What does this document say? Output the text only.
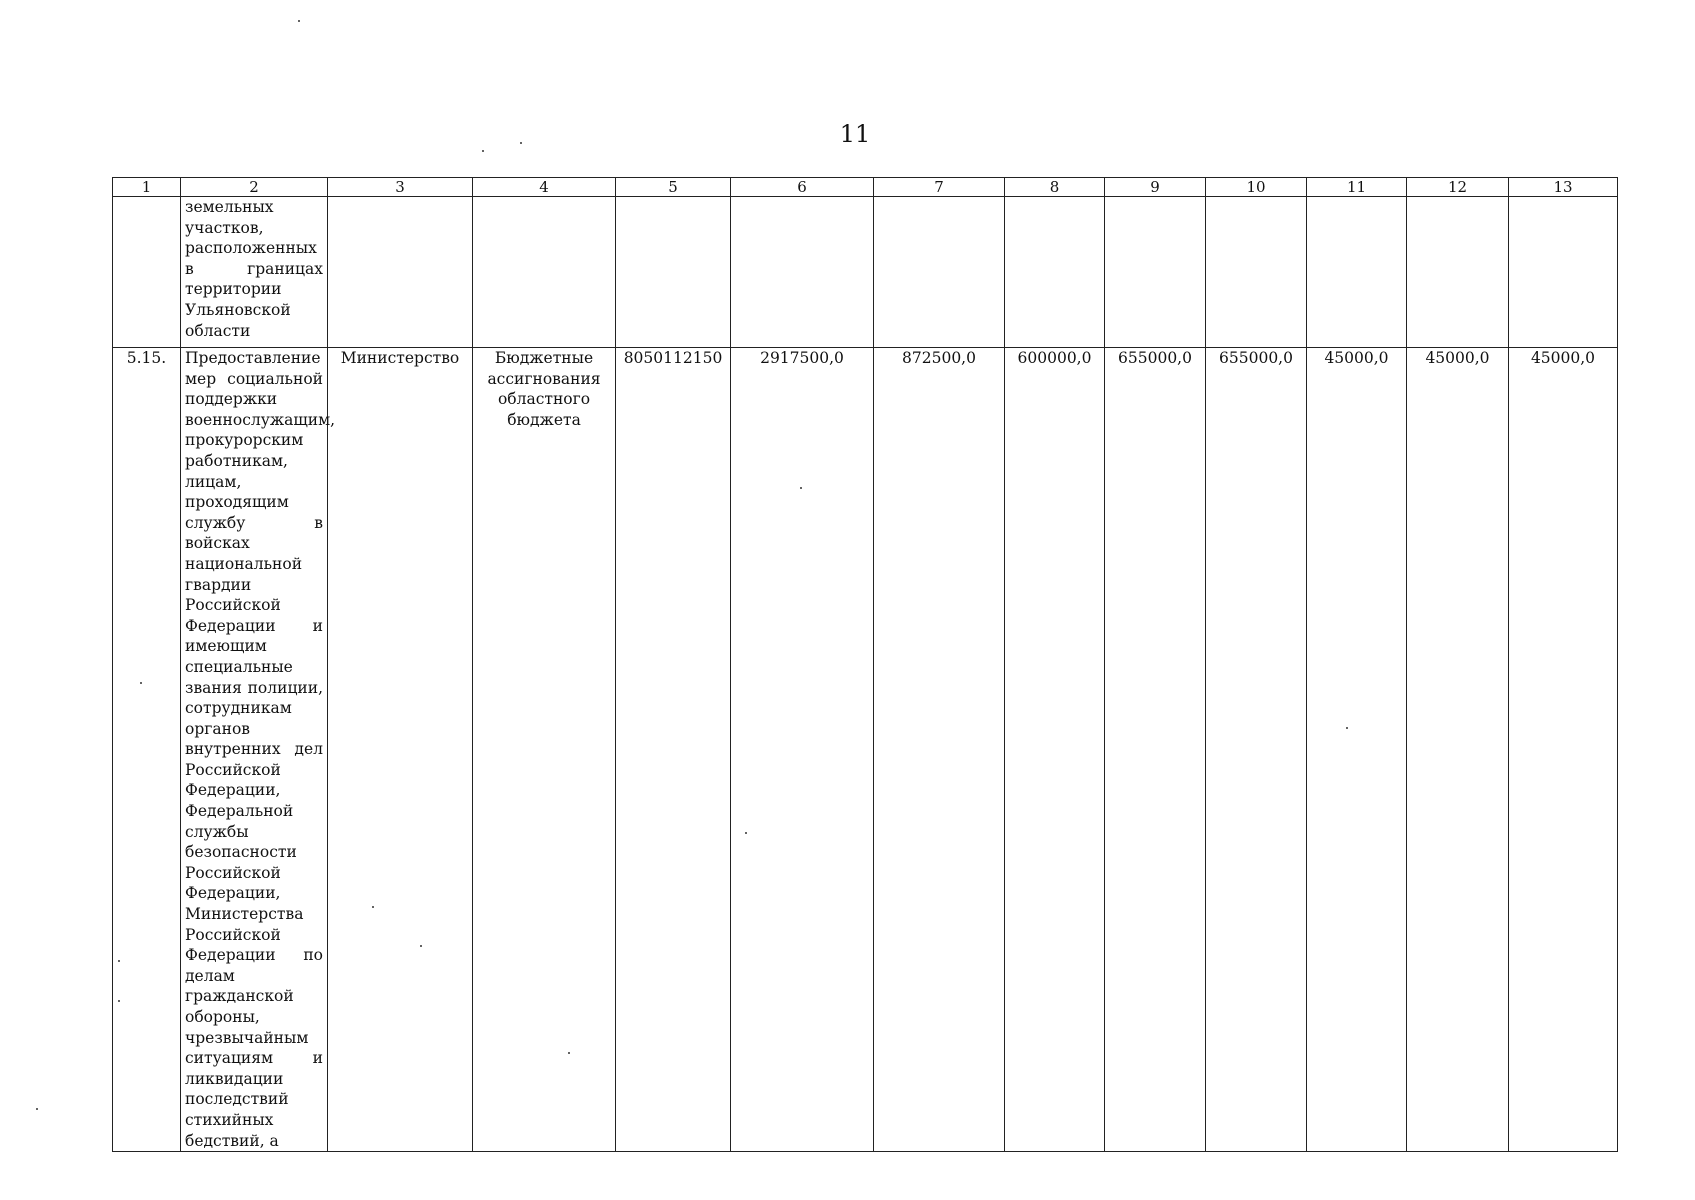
11
1	2	3	4	5	6	7	8	9	10	11	12	13
	земельных участков, расположенных в границах территории Ульяновской области											
5.15.	Предоставление мер социальной поддержки военнослужащим, прокурорским работникам, лицам, проходящим службу в войсках национальной гвардии Российской Федерации и имеющим специальные звания полиции, сотрудникам органов внутренних дел Российской Федерации, Федеральной службы безопасности Российской Федерации, Министерства Российской Федерации по делам гражданской обороны, чрезвычайным ситуациям и ликвидации последствий стихийных бедствий, а	Министерство	Бюджетные ассигнования областного бюджета	8050112150	2917500,0	872500,0	600000,0	655000,0	655000,0	45000,0	45000,0	45000,0
